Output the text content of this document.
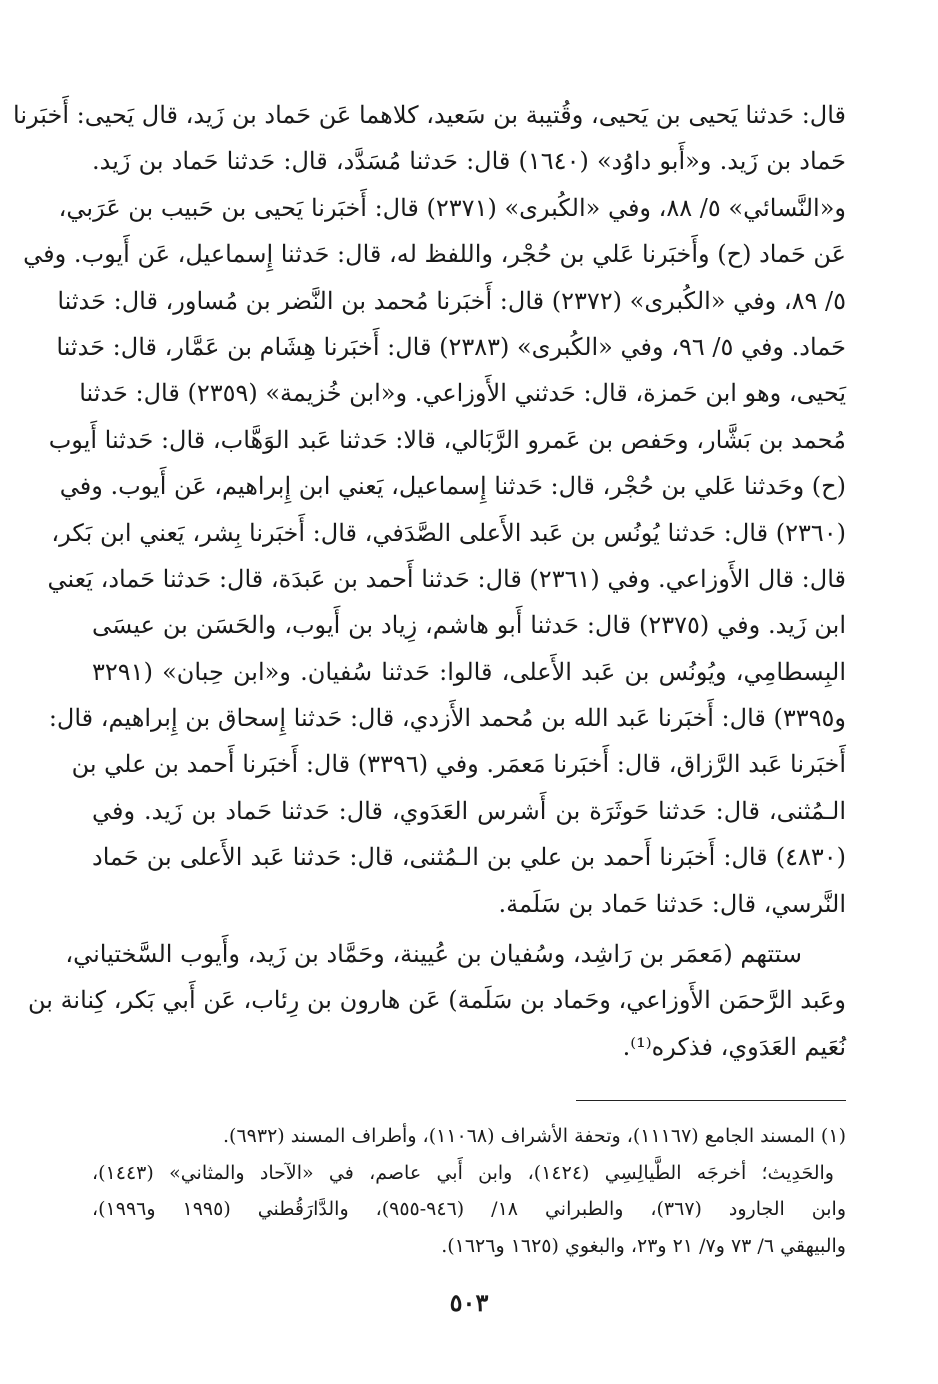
قال: حَدثنا يَحيى بن يَحيى، وقُتيبة بن سَعيد، كلاهما عَن حَماد بن زَيد، قال يَحيى: أَخبَرنا
حَماد بن زَيد. و«أَبو داوُد» (١٦٤٠) قال: حَدثنا مُسَدَّد، قال: حَدثنا حَماد بن زَيد.
و«النَّسائي» ٥/ ٨٨، وفي «الكُبرى» (٢٣٧١) قال: أَخبَرنا يَحيى بن حَبيب بن عَرَبي،
عَن حَماد (ح) وأَخبَرنا عَلي بن حُجْر، واللفظ له، قال: حَدثنا إِسماعيل، عَن أَيوب. وفي
٥/ ٨٩، وفي «الكُبرى» (٢٣٧٢) قال: أَخبَرنا مُحمد بن النَّضر بن مُساور، قال: حَدثنا
حَماد. وفي ٥/ ٩٦، وفي «الكُبرى» (٢٣٨٣) قال: أَخبَرنا هِشَام بن عَمَّار، قال: حَدثنا
يَحيى، وهو ابن حَمزة، قال: حَدثني الأَوزاعي. و«ابن خُزيمة» (٢٣٥٩) قال: حَدثنا
مُحمد بن بَشَّار، وحَفص بن عَمرو الرَّبَالي، قالا: حَدثنا عَبد الوَهَّاب، قال: حَدثنا أَيوب
(ح) وحَدثنا عَلي بن حُجْر، قال: حَدثنا إِسماعيل، يَعني ابن إِبراهيم، عَن أَيوب. وفي
(٢٣٦٠) قال: حَدثنا يُونُس بن عَبد الأَعلى الصَّدَفي، قال: أَخبَرنا بِشر، يَعني ابن بَكر،
قال: قال الأَوزاعي. وفي (٢٣٦١) قال: حَدثنا أَحمد بن عَبدَة، قال: حَدثنا حَماد، يَعني
ابن زَيد. وفي (٢٣٧٥) قال: حَدثنا أَبو هاشم، زِياد بن أَيوب، والحَسَن بن عيسَى
البِسطامِي، ويُونُس بن عَبد الأَعلى، قالوا: حَدثنا سُفيان. و«ابن حِبان» (٣٢٩١
و٣٣٩٥) قال: أَخبَرنا عَبد الله بن مُحمد الأَزدي، قال: حَدثنا إِسحاق بن إِبراهيم، قال:
أَخبَرنا عَبد الرَّزاق، قال: أَخبَرنا مَعمَر. وفي (٣٣٩٦) قال: أَخبَرنا أَحمد بن علي بن
الـمُثنى، قال: حَدثنا حَوثَرَة بن أَشرس العَدَوي، قال: حَدثنا حَماد بن زَيد. وفي
(٤٨٣٠) قال: أَخبَرنا أَحمد بن علي بن الـمُثنى، قال: حَدثنا عَبد الأَعلى بن حَماد
النَّرسي، قال: حَدثنا حَماد بن سَلَمة.
ستتهم (مَعمَر بن رَاشِد، وسُفيان بن عُيينة، وحَمَّاد بن زَيد، وأَيوب السَّختياني،
وعَبد الرَّحمَن الأَوزاعي، وحَماد بن سَلَمة) عَن هارون بن رِئاب، عَن أَبي بَكر، كِنانة بن
نُعَيم العَدَوي، فذكره⁽¹⁾.
(١) المسند الجامع (١١١٦٧)، وتحفة الأشراف (١١٠٦٨)، وأطراف المسند (٦٩٣٢).
والحَدِيث؛ أخرجَه الطَّيالِسِي (١٤٢٤)، وابن أَبي عاصم، في «الآحاد والمثاني» (١٤٤٣)،
وابن الجارود (٣٦٧)، والطبراني ١٨/ (٩٤٦-٩٥٥)، والدَّارَقُطني (١٩٩٥ و١٩٩٦)،
والبيهقي ٦/ ٧٣ و٧/ ٢١ و٢٣، والبغوي (١٦٢٥ و١٦٢٦).
٥٠٣
